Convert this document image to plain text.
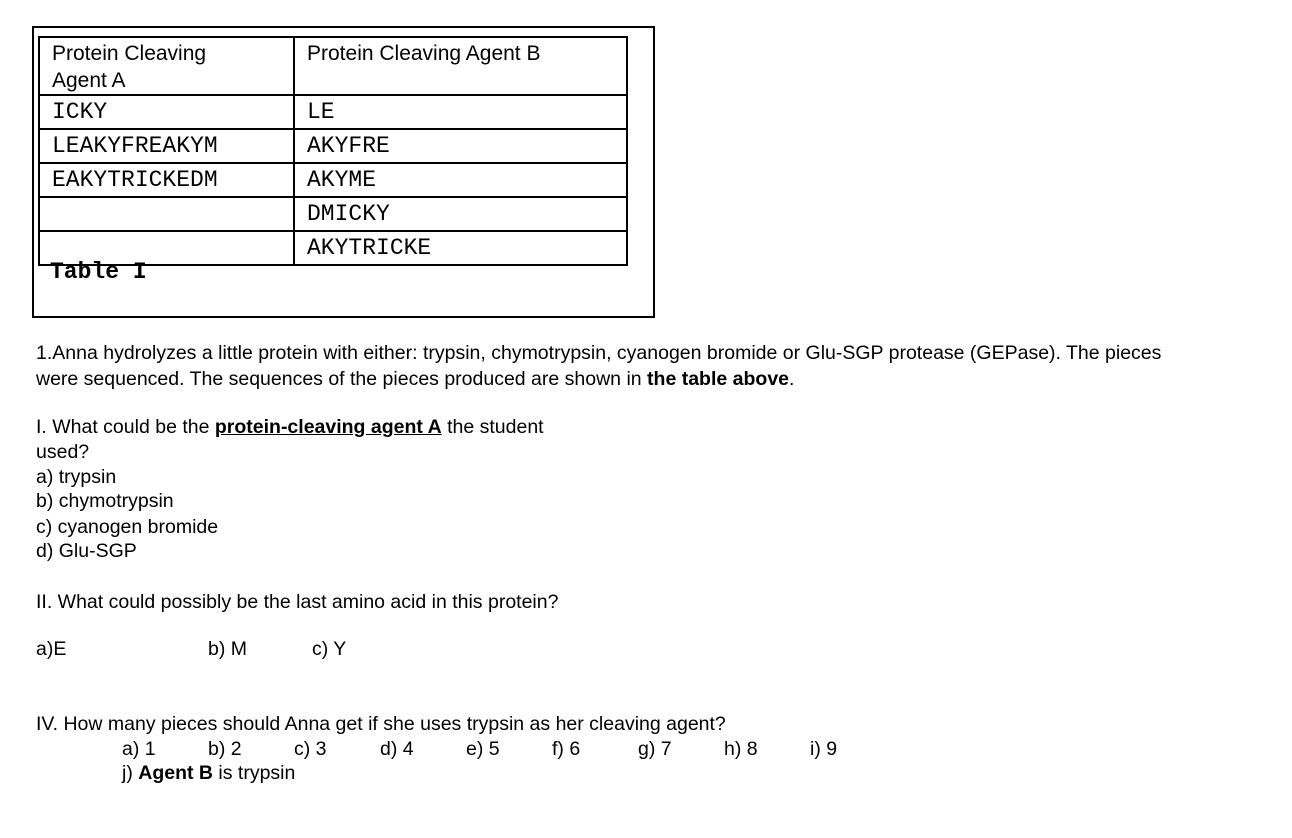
Protein Cleaving
Agent A	Protein Cleaving Agent B
ICKY	LE
LEAKYFREAKYM	AKYFRE
EAKYTRICKEDM	AKYME
	DMICKY
	AKYTRICKE
Table I
1.Anna hydrolyzes a little protein with either: trypsin, chymotrypsin, cyanogen bromide or Glu-SGP protease (GEPase). The pieces
were sequenced. The sequences of the pieces produced are shown in the table above.
I. What could be the protein-cleaving agent A the student
used?
a) trypsin
b) chymotrypsin
c) cyanogen bromide
d) Glu-SGP
II. What could possibly be the last amino acid in this protein?
a)E	b) M	c) Y
IV. How many pieces should Anna get if she uses trypsin as her cleaving agent?
a) 1	b) 2	c) 3	d) 4	e) 5	f) 6	g) 7	h) 8	i) 9
j) Agent B is trypsin
